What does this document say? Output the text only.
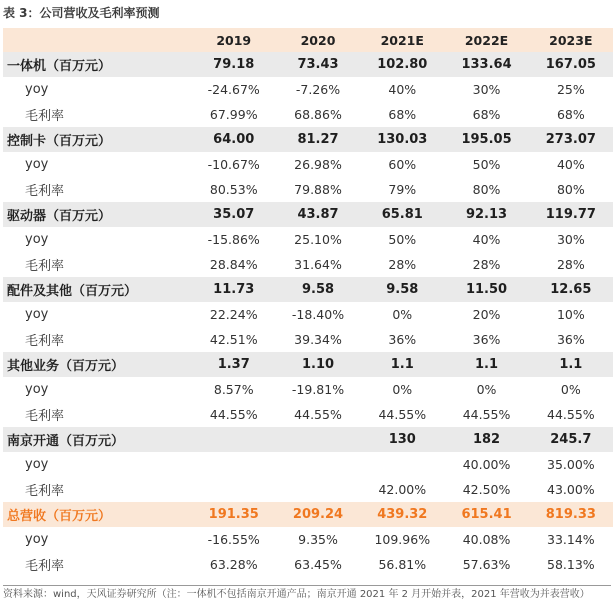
表 3：公司营收及毛利率预测
	2019	2020	2021E	2022E	2023E
一体机（百万元）	79.18	73.43	102.80	133.64	167.05
yoy	-24.67%	-7.26%	40%	30%	25%
毛利率	67.99%	68.86%	68%	68%	68%
控制卡（百万元）	64.00	81.27	130.03	195.05	273.07
yoy	-10.67%	26.98%	60%	50%	40%
毛利率	80.53%	79.88%	79%	80%	80%
驱动器（百万元）	35.07	43.87	65.81	92.13	119.77
yoy	-15.86%	25.10%	50%	40%	30%
毛利率	28.84%	31.64%	28%	28%	28%
配件及其他（百万元）	11.73	9.58	9.58	11.50	12.65
yoy	22.24%	-18.40%	0%	20%	10%
毛利率	42.51%	39.34%	36%	36%	36%
其他业务（百万元）	1.37	1.10	1.1	1.1	1.1
yoy	8.57%	-19.81%	0%	0%	0%
毛利率	44.55%	44.55%	44.55%	44.55%	44.55%
南京开通（百万元）			130	182	245.7
yoy				40.00%	35.00%
毛利率			42.00%	42.50%	43.00%
总营收（百万元）	191.35	209.24	439.32	615.41	819.33
yoy	-16.55%	9.35%	109.96%	40.08%	33.14%
毛利率	63.28%	63.45%	56.81%	57.63%	58.13%
资料来源：wind，天风证券研究所（注：一体机不包括南京开通产品；南京开通 2021 年 2 月开始并表，2021 年营收为并表营收）
